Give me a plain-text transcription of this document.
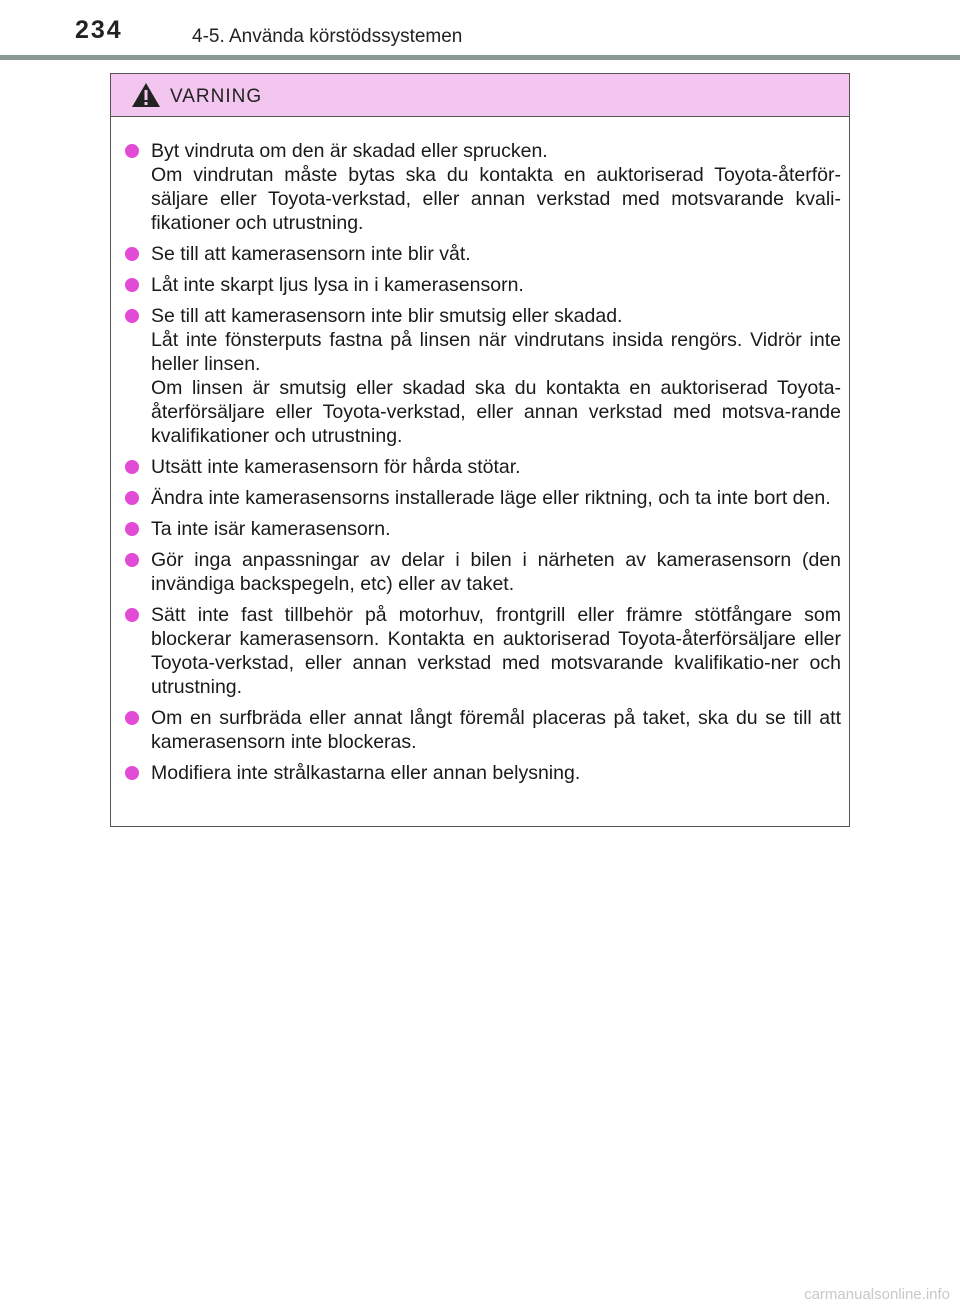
234	4-5. Använda körstödssystemen
VARNING
Byt vindruta om den är skadad eller sprucken.
Om vindrutan måste bytas ska du kontakta en auktoriserad Toyota-återför-säljare eller Toyota-verkstad, eller annan verkstad med motsvarande kvali-fikationer och utrustning.
Se till att kamerasensorn inte blir våt.
Låt inte skarpt ljus lysa in i kamerasensorn.
Se till att kamerasensorn inte blir smutsig eller skadad.
Låt inte fönsterputs fastna på linsen när vindrutans insida rengörs. Vidrör inte heller linsen.
Om linsen är smutsig eller skadad ska du kontakta en auktoriserad Toyota-återförsäljare eller Toyota-verkstad, eller annan verkstad med motsva-rande kvalifikationer och utrustning.
Utsätt inte kamerasensorn för hårda stötar.
Ändra inte kamerasensorns installerade läge eller riktning, och ta inte bort den.
Ta inte isär kamerasensorn.
Gör inga anpassningar av delar i bilen i närheten av kamerasensorn (den invändiga backspegeln, etc) eller av taket.
Sätt inte fast tillbehör på motorhuv, frontgrill eller främre stötfångare som blockerar kamerasensorn. Kontakta en auktoriserad Toyota-återförsäljare eller Toyota-verkstad, eller annan verkstad med motsvarande kvalifikatio-ner och utrustning.
Om en surfbräda eller annat långt föremål placeras på taket, ska du se till att kamerasensorn inte blockeras.
Modifiera inte strålkastarna eller annan belysning.
carmanualsonline.info
